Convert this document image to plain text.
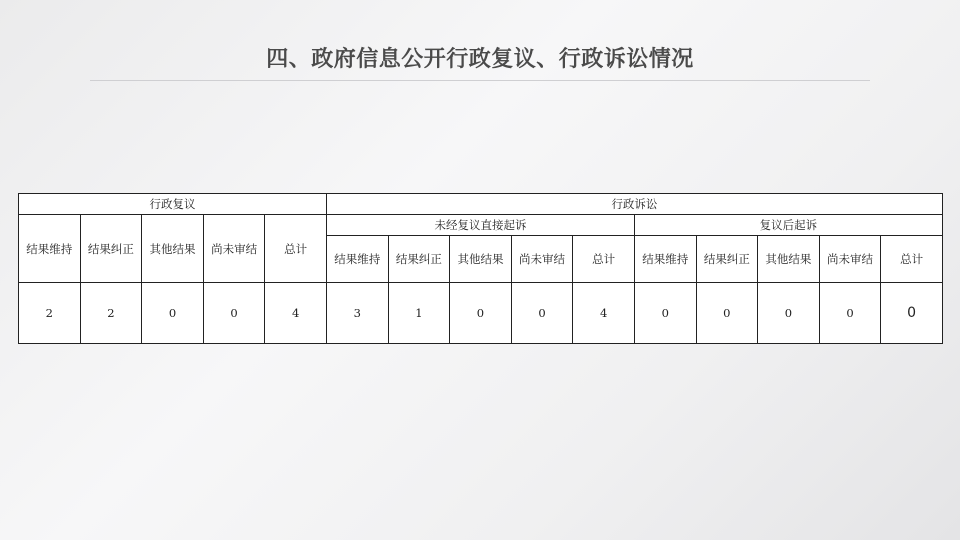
四、政府信息公开行政复议、行政诉讼情况
行政复议					行政诉讼									
结果维持	结果纠正	其他结果	尚未审结	总计	未经复议直接起诉					复议后起诉				
					结果维持	结果纠正	其他结果	尚未审结	总计	结果维持	结果纠正	其他结果	尚未审结	总计
2	2	0	0	4	3	1	0	0	4	0	0	0	0	0
